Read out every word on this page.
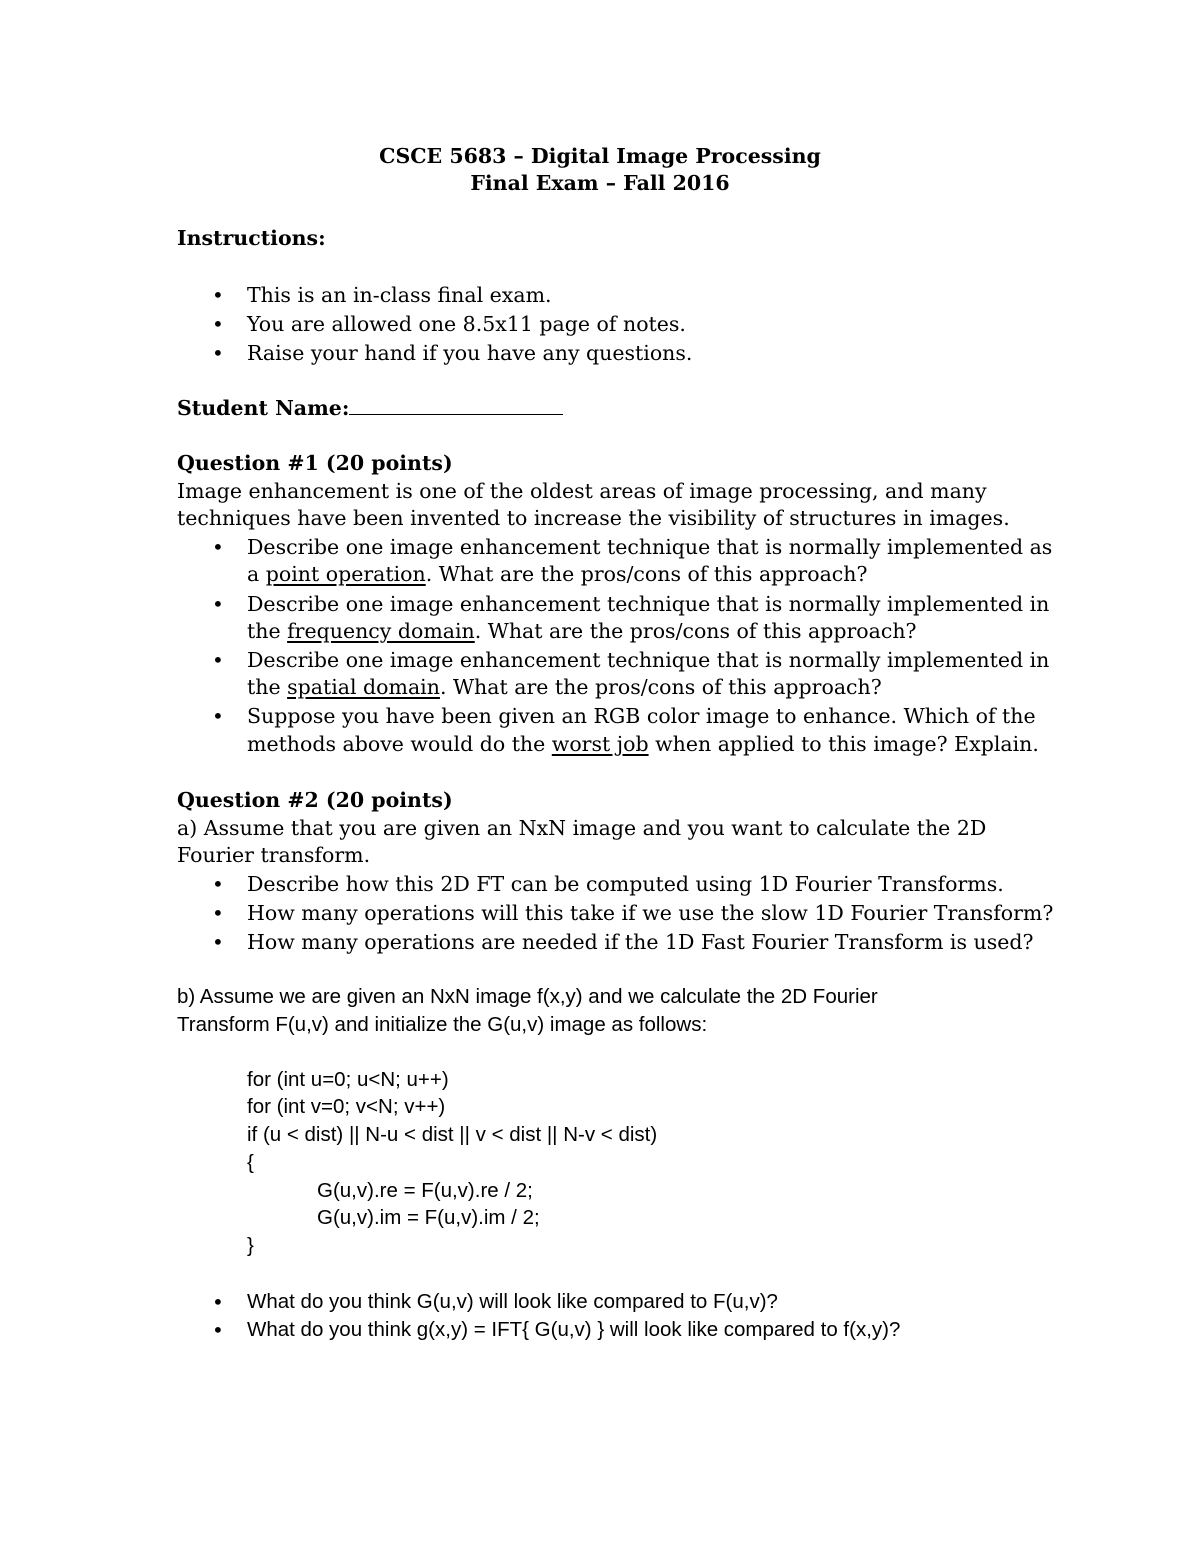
CSCE 5683 – Digital Image Processing
Final Exam – Fall 2016
Instructions:
• This is an in-class final exam.
• You are allowed one 8.5x11 page of notes.
• Raise your hand if you have any questions.
Student Name:
Question #1 (20 points)
Image enhancement is one of the oldest areas of image processing, and many
techniques have been invented to increase the visibility of structures in images.
• Describe one image enhancement technique that is normally implemented as
a point operation. What are the pros/cons of this approach?
• Describe one image enhancement technique that is normally implemented in
the frequency domain. What are the pros/cons of this approach?
• Describe one image enhancement technique that is normally implemented in
the spatial domain. What are the pros/cons of this approach?
• Suppose you have been given an RGB color image to enhance. Which of the
methods above would do the worst job when applied to this image? Explain.
Question #2 (20 points)
a) Assume that you are given an NxN image and you want to calculate the 2D
Fourier transform.
• Describe how this 2D FT can be computed using 1D Fourier Transforms.
• How many operations will this take if we use the slow 1D Fourier Transform?
• How many operations are needed if the 1D Fast Fourier Transform is used?
b) Assume we are given an NxN image f(x,y) and we calculate the 2D Fourier
Transform F(u,v) and initialize the G(u,v) image as follows:
for (int u=0; u<N; u++)
for (int v=0; v<N; v++)
if (u < dist) || N-u < dist || v < dist || N-v < dist)
{
G(u,v).re = F(u,v).re / 2;
G(u,v).im = F(u,v).im / 2;
}
• What do you think G(u,v) will look like compared to F(u,v)?
• What do you think g(x,y) = IFT{ G(u,v) } will look like compared to f(x,y)?
